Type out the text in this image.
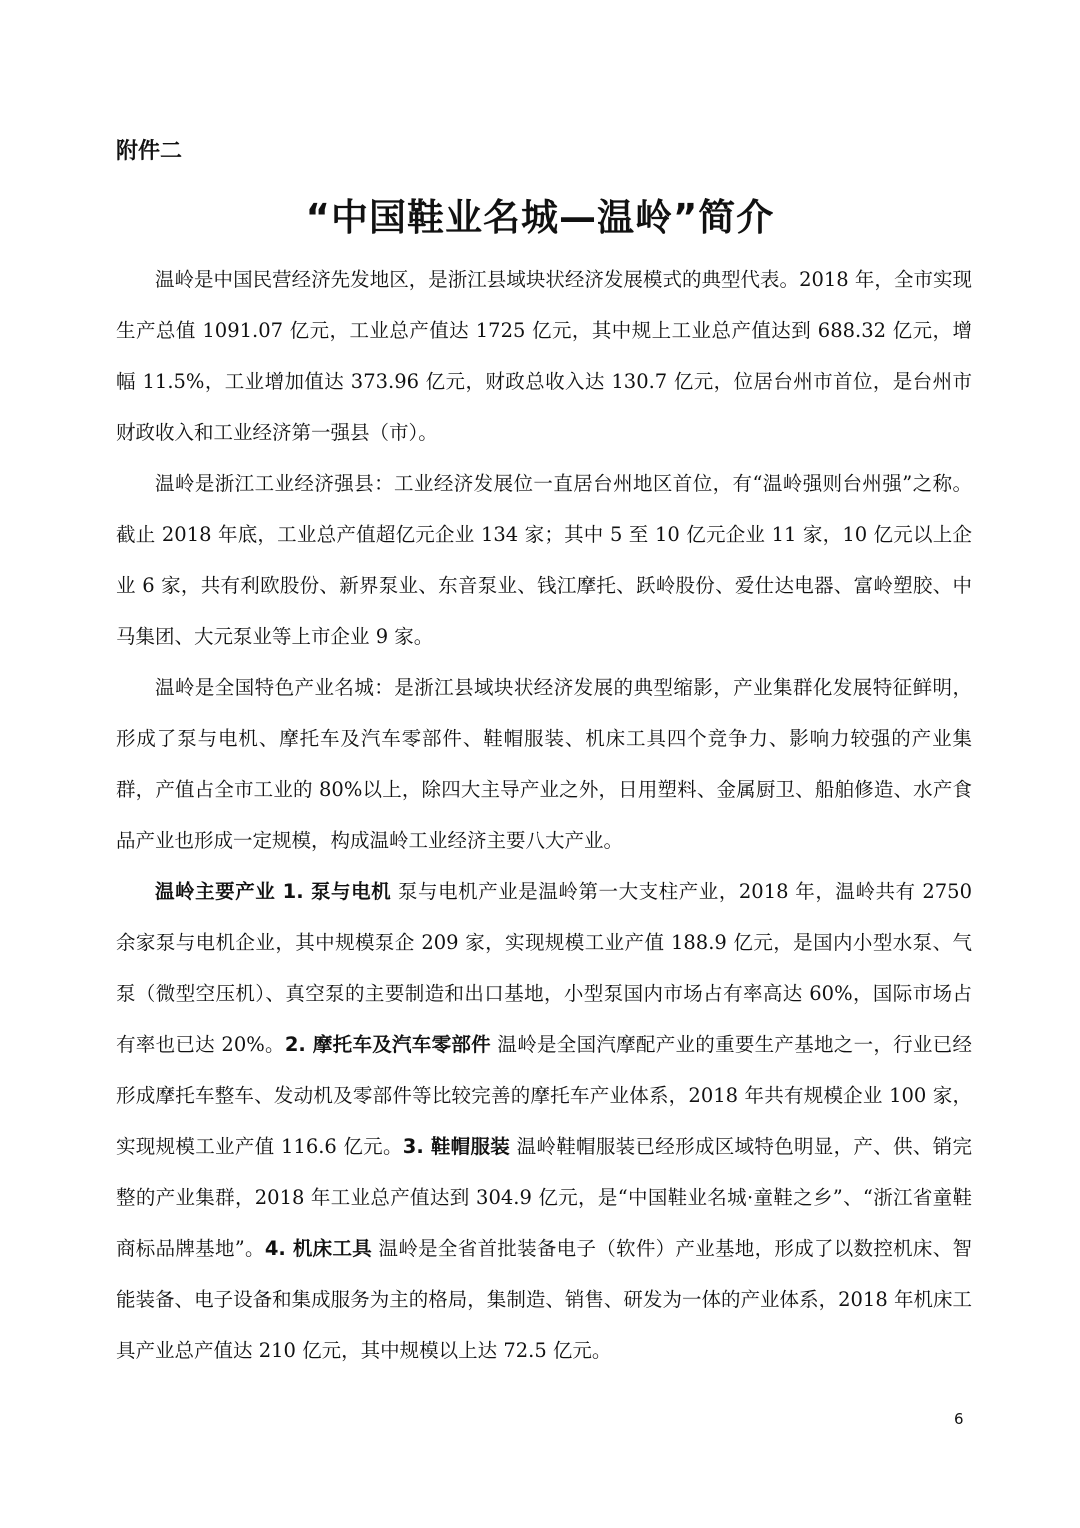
附件二
“中国鞋业名城—温岭”简介

温岭是中国民营经济先发地区，是浙江县域块状经济发展模式的典型代表。2018 年，全市实现生产总值 1091.07 亿元，工业总产值达 1725 亿元，其中规上工业总产值达到 688.32 亿元，增幅 11.5%，工业增加值达 373.96 亿元，财政总收入达 130.7 亿元，位居台州市首位，是台州市财政收入和工业经济第一强县（市）。

温岭是浙江工业经济强县：工业经济发展位一直居台州地区首位，有“温岭强则台州强”之称。 截止 2018 年底，工业总产值超亿元企业 134 家；其中 5 至 10 亿元企业 11 家，10 亿元以上企业 6 家，共有利欧股份、新界泵业、东音泵业、钱江摩托、跃岭股份、爱仕达电器、富岭塑胶、中马集团、大元泵业等上市企业 9 家。

温岭是全国特色产业名城：是浙江县域块状经济发展的典型缩影，产业集群化发展特征鲜明，形成了泵与电机、摩托车及汽车零部件、鞋帽服装、机床工具四个竞争力、影响力较强的产业集群，产值占全市工业的 80%以上，除四大主导产业之外，日用塑料、金属厨卫、船舶修造、水产食品产业也形成一定规模，构成温岭工业经济主要八大产业。

温岭主要产业 1. 泵与电机 泵与电机产业是温岭第一大支柱产业，2018 年，温岭共有 2750 余家泵与电机企业，其中规模泵企 209 家，实现规模工业产值 188.9 亿元，是国内小型水泵、气泵（微型空压机）、真空泵的主要制造和出口基地，小型泵国内市场占有率高达 60%，国际市场占有率也已达 20%。2. 摩托车及汽车零部件 温岭是全国汽摩配产业的重要生产基地之一，行业已经形成摩托车整车、发动机及零部件等比较完善的摩托车产业体系，2018 年共有规模企业 100 家，实现规模工业产值 116.6 亿元。3. 鞋帽服装 温岭鞋帽服装已经形成区域特色明显，产、供、销完整的产业集群，2018 年工业总产值达到 304.9 亿元，是“中国鞋业名城·童鞋之乡”、“浙江省童鞋商标品牌基地”。4. 机床工具 温岭是全省首批装备电子（软件）产业基地，形成了以数控机床、智能装备、电子设备和集成服务为主的格局，集制造、销售、研发为一体的产业体系，2018 年机床工具产业总产值达 210 亿元，其中规模以上达 72.5 亿元。

6
